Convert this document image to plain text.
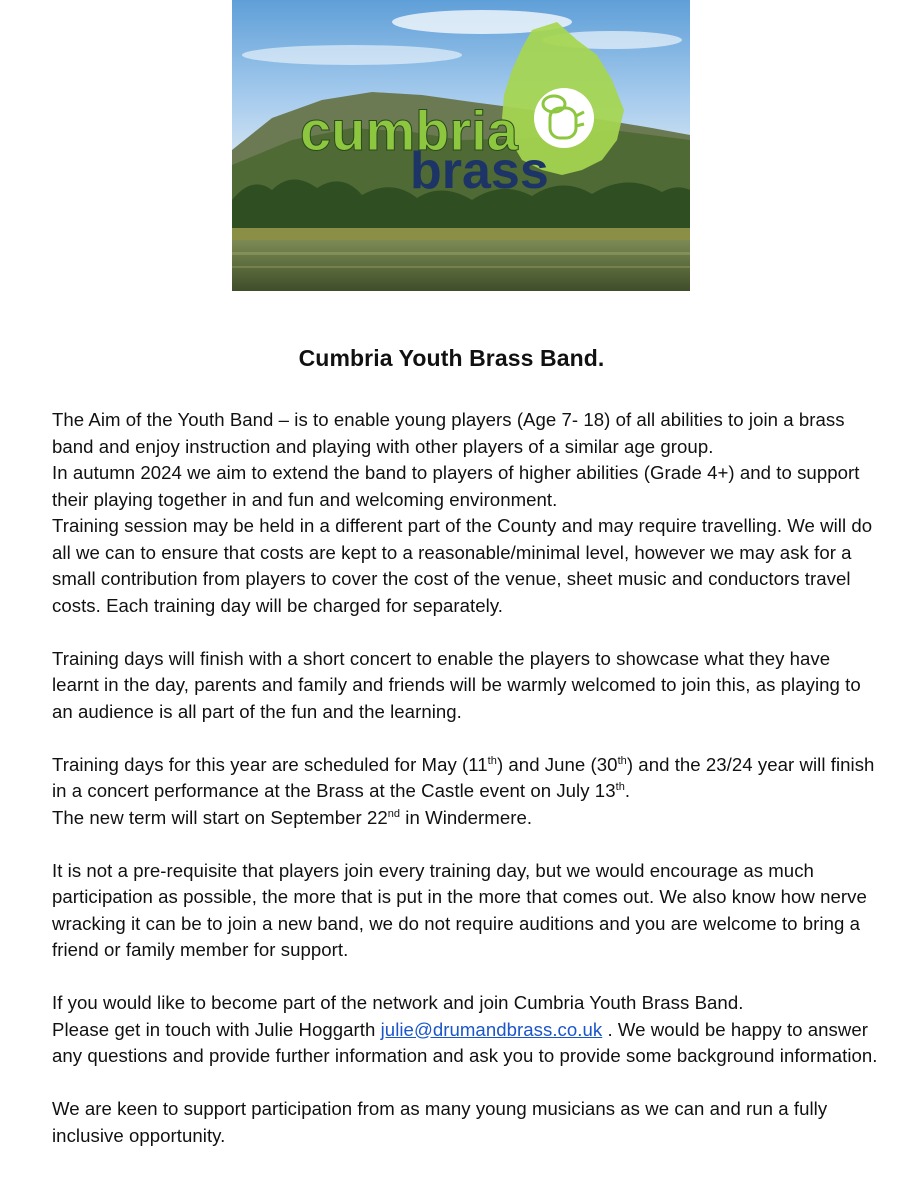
cumbria
brass
Cumbria Youth Brass Band.

The Aim of the Youth Band – is to enable young players (Age 7- 18) of all abilities to join a brass band and enjoy instruction and playing with other players of a similar age group.
In autumn 2024 we aim to extend the band to players of higher abilities (Grade 4+) and to support their playing together in and fun and welcoming environment.
Training session may be held in a different part of the County and may require travelling. We will do all we can to ensure that costs are kept to a reasonable/minimal level, however we may ask for a small contribution from players to cover the cost of the venue, sheet music and conductors travel costs. Each training day will be charged for separately.

Training days will finish with a short concert to enable the players to showcase what they have learnt in the day, parents and family and friends will be warmly welcomed to join this, as playing to an audience is all part of the fun and the learning.

Training days for this year are scheduled for May (11th) and June (30th) and the 23/24 year will finish in a concert performance at the Brass at the Castle event on July 13th.
The new term will start on September 22nd in Windermere.

It is not a pre-requisite that players join every training day, but we would encourage as much participation as possible, the more that is put in the more that comes out. We also know how nerve wracking it can be to join a new band, we do not require auditions and you are welcome to bring a friend or family member for support.

If you would like to become part of the network and join Cumbria Youth Brass Band.
Please get in touch with Julie Hoggarth julie@drumandbrass.co.uk . We would be happy to answer any questions and provide further information and ask you to provide some background information.

We are keen to support participation from as many young musicians as we can and run a fully inclusive opportunity.
